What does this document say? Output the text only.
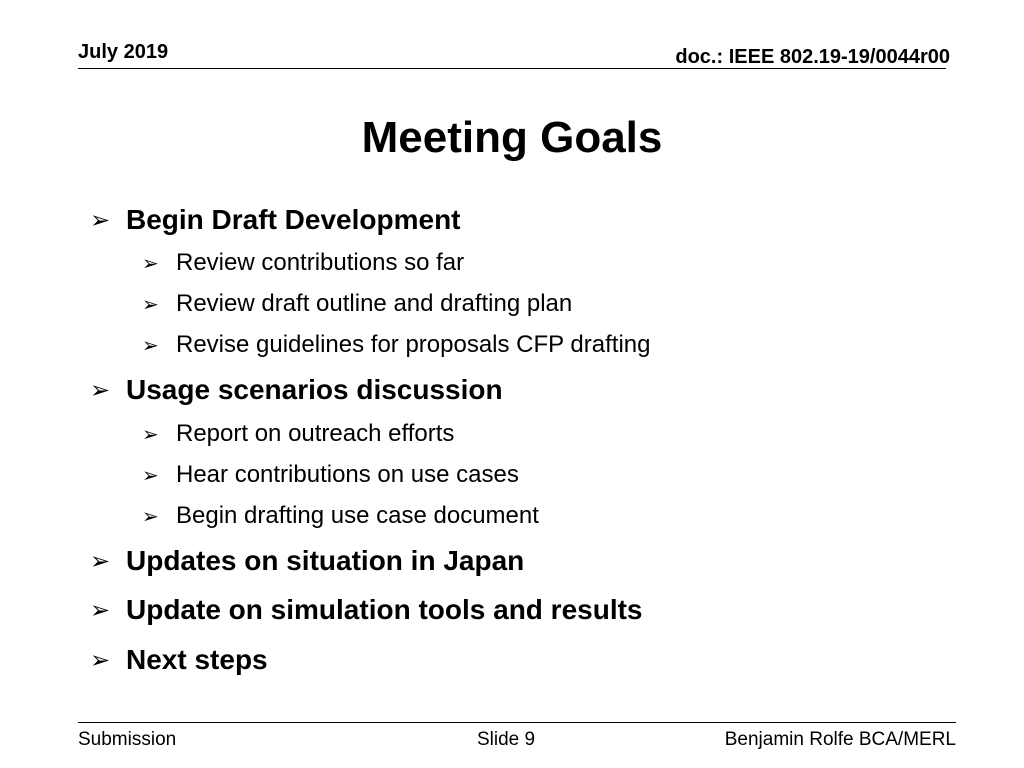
July 2019	doc.: IEEE 802.19-19/0044r00
Meeting Goals
➢ Begin Draft Development
➢ Review contributions so far
➢ Review draft outline and drafting plan
➢ Revise guidelines for proposals CFP drafting
➢ Usage scenarios discussion
➢ Report on outreach efforts
➢ Hear contributions on use cases
➢ Begin drafting use case document
➢ Updates on situation in Japan
➢ Update on simulation tools and results
➢ Next steps
Submission	Slide 9	Benjamin Rolfe BCA/MERL
